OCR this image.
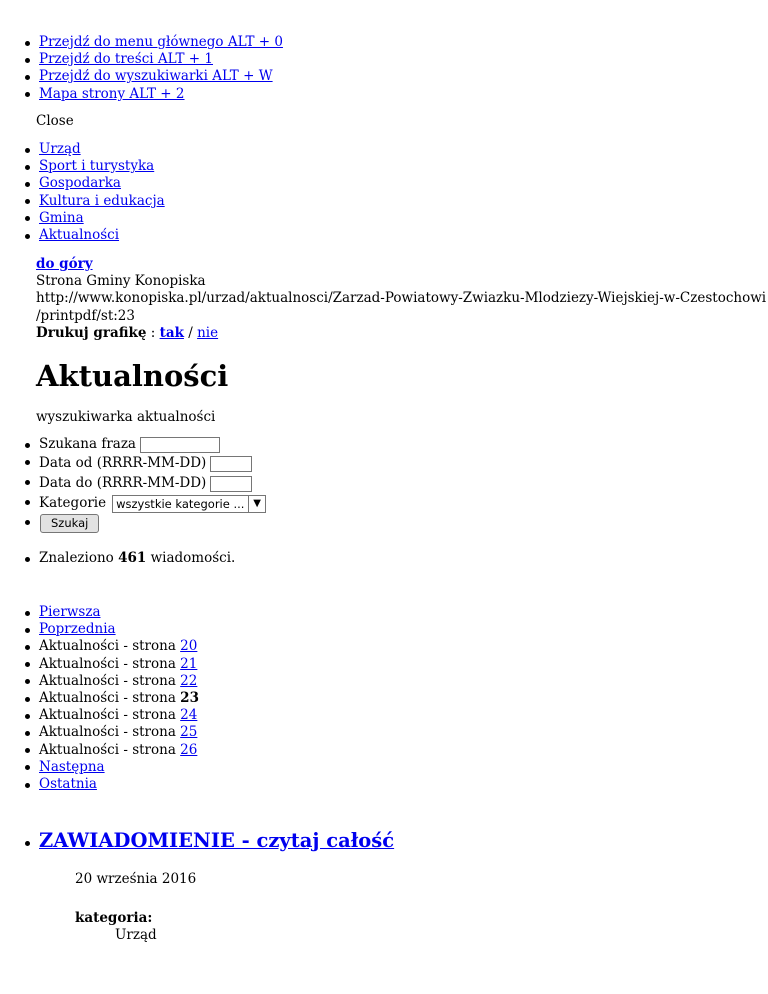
Przejdź do menu głównego ALT + 0
Przejdź do treści ALT + 1
Przejdź do wyszukiwarki ALT + W
Mapa strony ALT + 2
Close
Urząd
Sport i turystyka
Gospodarka
Kultura i edukacja
Gmina
Aktualności
do góry
Strona Gminy Konopiska
http://www.konopiska.pl/urzad/aktualnosci/Zarzad-Powiatowy-Zwiazku-Mlodziezy-Wiejskiej-w-Czestochowi
/printpdf/st:23
Drukuj grafikę : tak / nie
Aktualności
wyszukiwarka aktualności
Szukana fraza
Data od (RRRR-MM-DD)
Data do (RRRR-MM-DD)
Kategorie wszystkie kategorie ... ▼
Szukaj
Znaleziono 461 wiadomości.
Pierwsza
Poprzednia
Aktualności - strona 20
Aktualności - strona 21
Aktualności - strona 22
Aktualności - strona 23
Aktualności - strona 24
Aktualności - strona 25
Aktualności - strona 26
Następna
Ostatnia
ZAWIADOMIENIE - czytaj całość
20 września 2016
kategoria:
Urząd
